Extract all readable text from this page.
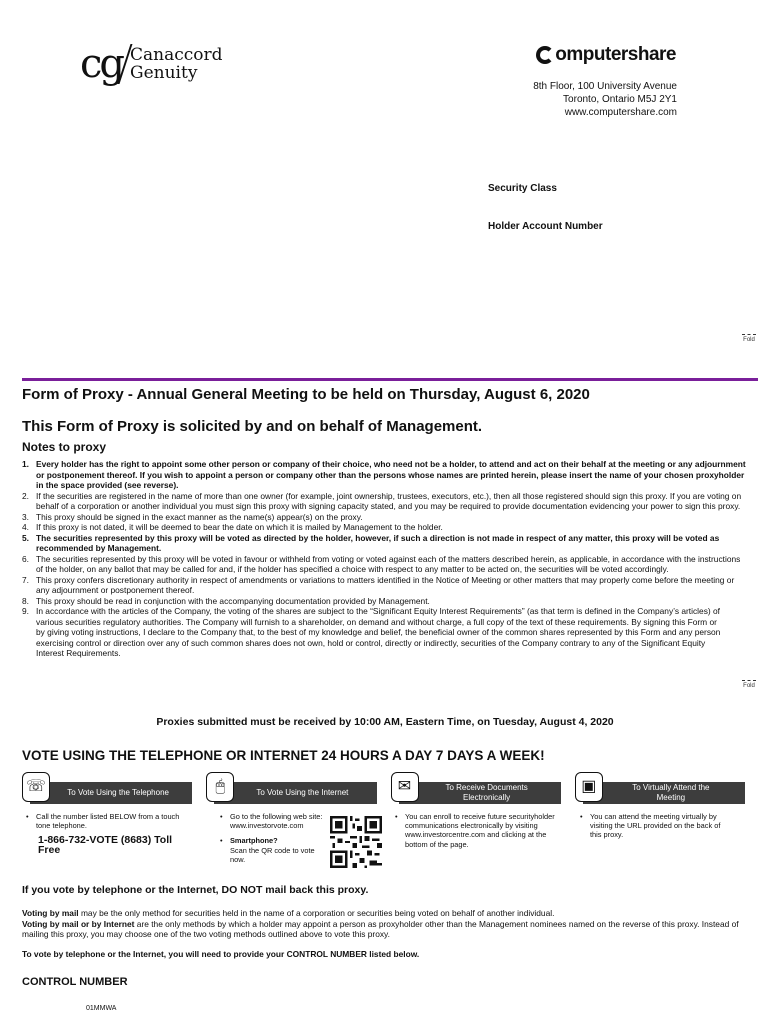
cg Canaccord
Genuity
omputershare
8th Floor, 100 University Avenue
Toronto, Ontario M5J 2Y1
www.computershare.com
Security Class
Holder Account Number
Fold
Fold
Form of Proxy - Annual General Meeting to be held on Thursday, August 6, 2020
This Form of Proxy is solicited by and on behalf of Management.
Notes to proxy
1. Every holder has the right to appoint some other person or company of their choice, who need not be a holder, to attend and act on their behalf at the meeting or any adjournment or postponement thereof. If you wish to appoint a person or company other than the persons whose names are printed herein, please insert the name of your chosen proxyholder in the space provided (see reverse).
2. If the securities are registered in the name of more than one owner (for example, joint ownership, trustees, executors, etc.), then all those registered should sign this proxy. If you are voting on behalf of a corporation or another individual you must sign this proxy with signing capacity stated, and you may be required to provide documentation evidencing your power to sign this proxy.
3. This proxy should be signed in the exact manner as the name(s) appear(s) on the proxy.
4. If this proxy is not dated, it will be deemed to bear the date on which it is mailed by Management to the holder.
5. The securities represented by this proxy will be voted as directed by the holder, however, if such a direction is not made in respect of any matter, this proxy will be voted as recommended by Management.
6. The securities represented by this proxy will be voted in favour or withheld from voting or voted against each of the matters described herein, as applicable, in accordance with the instructions of the holder, on any ballot that may be called for and, if the holder has specified a choice with respect to any matter to be acted on, the securities will be voted accordingly.
7. This proxy confers discretionary authority in respect of amendments or variations to matters identified in the Notice of Meeting or other matters that may properly come before the meeting or any adjournment or postponement thereof.
8. This proxy should be read in conjunction with the accompanying documentation provided by Management.
9. In accordance with the articles of the Company, the voting of the shares are subject to the “Significant Equity Interest Requirements” (as that term is defined in the Company’s articles) of various securities regulatory authorities. The Company will furnish to a shareholder, on demand and without charge, a full copy of the text of these requirements. By signing this Form or by giving voting instructions, I declare to the Company that, to the best of my knowledge and belief, the beneficial owner of the common shares represented by this Form and any person exercising control or direction over any of such common shares does not own, hold or control, directly or indirectly, securities of the Company contrary to any of the Significant Equity Interest Requirements.
Proxies submitted must be received by 10:00 AM, Eastern Time, on Tuesday, August 4, 2020
VOTE USING THE TELEPHONE OR INTERNET 24 HOURS A DAY 7 DAYS A WEEK!
☏	To Vote Using the Telephone	🖱	To Vote Using the Internet	✉	To Receive Documents Electronically
▣	To Virtually Attend the Meeting
•	Call the number listed BELOW from a touch tone telephone.
1-866-732-VOTE (8683) Toll Free
•	Go to the following web site: www.investorvote.com
•	Smartphone?
Scan the QR code to vote now.
•	You can enroll to receive future securityholder communications electronically by visiting www.investorcentre.com and clicking at the bottom of the page.
•	You can attend the meeting virtually by visiting the URL provided on the back of this proxy.
If you vote by telephone or the Internet, DO NOT mail back this proxy.
Voting by mail may be the only method for securities held in the name of a corporation or securities being voted on behalf of another individual.
Voting by mail or by Internet are the only methods by which a holder may appoint a person as proxyholder other than the Management nominees named on the reverse of this proxy. Instead of mailing this proxy, you may choose one of the two voting methods outlined above to vote this proxy.
To vote by telephone or the Internet, you will need to provide your CONTROL NUMBER listed below.
CONTROL NUMBER
01MMWA
